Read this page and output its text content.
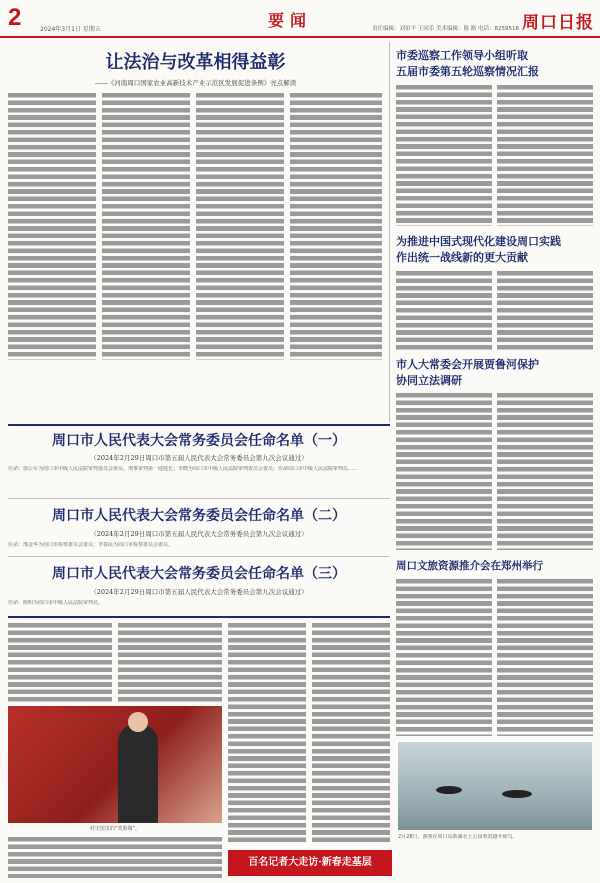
2	2024年3月1日 星期五	要闻	责任编辑：刘伯平 王同乐 美术编辑：陈 路 电话：8259516 周口日报
让法治与改革相得益彰
——《河南周口国家农业高新技术产业示范区发展促进条例》亮点解读
市委巡察工作领导小组听取
五届市委第五轮巡察情况汇报
为推进中国式现代化建设周口实践
作出统一战线新的更大贡献
市人大常委会开展贾鲁河保护
协同立法调研
周口文旅资源推介会在郑州举行
周口市人民代表大会常务委员会任命名单（一）
（2024年2月29日周口市第五届人民代表大会常务委员会第九次会议通过）
任命：徐公军为周口市中级人民法院审判委员会委员、刑事审判第一庭庭长；李晓为周口市中级人民法院审判委员会委员；任命周口市中级人民法院审判员……
周口市人民代表大会常务委员会任命名单（二）
（2024年2月29日周口市第五届人民代表大会常务委员会第九次会议通过）
任命：邢金华为周口市检察委员会委员；李春民为周口市检察委员会委员。
周口市人民代表大会常务委员会任命名单（三）
（2024年2月29日周口市第五届人民代表大会常务委员会第九次会议通过）
任命：陈明为周口市中级人民法院审判员。
村史馆里的“笑脸墙”。
百名记者大走访·新春走基层
2月28日，游客在周口东新湖水上公园观赏越冬候鸟。
